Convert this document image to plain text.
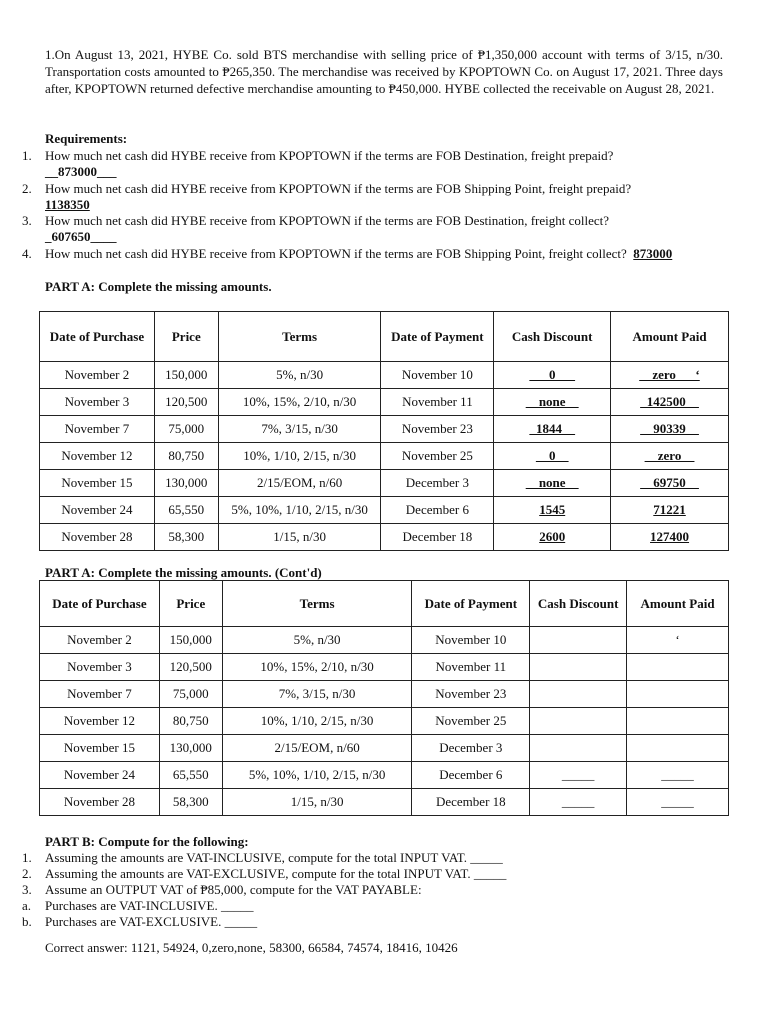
1.On August 13, 2021, HYBE Co. sold BTS merchandise with selling price of ₱1,350,000 account with terms of 3/15, n/30. Transportation costs amounted to ₱265,350. The merchandise was received by KPOPTOWN Co. on August 17, 2021. Three days after, KPOPTOWN returned defective merchandise amounting to ₱450,000. HYBE collected the receivable on August 28, 2021.
Requirements:
1. How much net cash did HYBE receive from KPOPTOWN if the terms are FOB Destination, freight prepaid?
__873000___
2. How much net cash did HYBE receive from KPOPTOWN if the terms are FOB Shipping Point, freight prepaid?
1138350
3. How much net cash did HYBE receive from KPOPTOWN if the terms are FOB Destination, freight collect?
_607650____
4. How much net cash did HYBE receive from KPOPTOWN if the terms are FOB Shipping Point, freight collect? 873000
PART A: Complete the missing amounts.
Date of Purchase	Price	Terms	Date of Payment	Cash Discount	Amount Paid
November 2	150,000	5%, n/30	November 10	___0___	__zero___‘
November 3	120,500	10%, 15%, 2/10, n/30	November 11	__none__	_142500__
November 7	75,000	7%, 3/15, n/30	November 23	_1844__	__90339__
November 12	80,750	10%, 1/10, 2/15, n/30	November 25	__0__	__zero__
November 15	130,000	2/15/EOM, n/60	December 3	__none__	__69750__
November 24	65,550	5%, 10%, 1/10, 2/15, n/30	December 6	1545	71221
November 28	58,300	1/15, n/30	December 18	2600	127400
PART A: Complete the missing amounts. (Cont'd)
Date of Purchase	Price	Terms	Date of Payment	Cash Discount	Amount Paid
November 2	150,000	5%, n/30	November 10		‘
November 3	120,500	10%, 15%, 2/10, n/30	November 11		
November 7	75,000	7%, 3/15, n/30	November 23		
November 12	80,750	10%, 1/10, 2/15, n/30	November 25		
November 15	130,000	2/15/EOM, n/60	December 3		
November 24	65,550	5%, 10%, 1/10, 2/15, n/30	December 6	_____	_____
November 28	58,300	1/15, n/30	December 18	_____	_____
PART B: Compute for the following:
1. Assuming the amounts are VAT-INCLUSIVE, compute for the total INPUT VAT. _____
2. Assuming the amounts are VAT-EXCLUSIVE, compute for the total INPUT VAT. _____
3. Assume an OUTPUT VAT of ₱85,000, compute for the VAT PAYABLE:
a. Purchases are VAT-INCLUSIVE. _____
b. Purchases are VAT-EXCLUSIVE. _____
Correct answer: 1121, 54924, 0,zero,none, 58300, 66584, 74574, 18416, 10426
